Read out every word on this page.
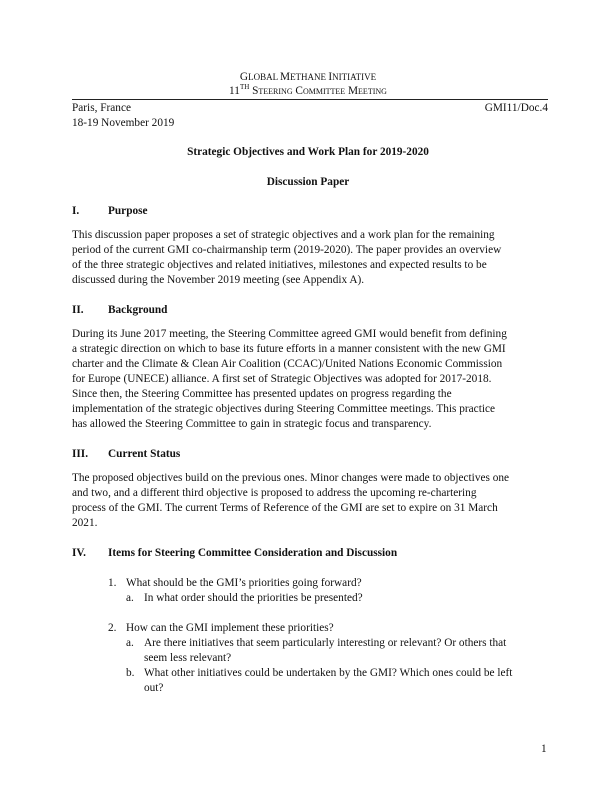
GLOBAL METHANE INITIATIVE
11TH Steering Committee Meeting
Paris, France
18-19 November 2019
GMI11/Doc.4
Strategic Objectives and Work Plan for 2019-2020
Discussion Paper
I.	Purpose

This discussion paper proposes a set of strategic objectives and a work plan for the remaining

period of the current GMI co-chairmanship term (2019-2020). The paper provides an overview

of the three strategic objectives and related initiatives, milestones and expected results to be

discussed during the November 2019 meeting (see Appendix A).

II. Background

During its June 2017 meeting, the Steering Committee agreed GMI would benefit from defining

a strategic direction on which to base its future efforts in a manner consistent with the new GMI

charter and the Climate & Clean Air Coalition (CCAC)/United Nations Economic Commission

for Europe (UNECE) alliance. A first set of Strategic Objectives was adopted for 2017-2018.

Since then, the Steering Committee has presented updates on progress regarding the

implementation of the strategic objectives during Steering Committee meetings. This practice

has allowed the Steering Committee to gain in strategic focus and transparency.

III. Current Status

The proposed objectives build on the previous ones. Minor changes were made to objectives one

and two, and a different third objective is proposed to address the upcoming re-chartering

process of the GMI. The current Terms of Reference of the GMI are set to expire on 31 March

2021.

IV. Items for Steering Committee Consideration and Discussion
1. What should be the GMI’s priorities going forward?
a. In what order should the priorities be presented?
2. How can the GMI implement these priorities?
a. Are there initiatives that seem particularly interesting or relevant? Or others that
seem less relevant?
b. What other initiatives could be undertaken by the GMI? Which ones could be left
out?
1
